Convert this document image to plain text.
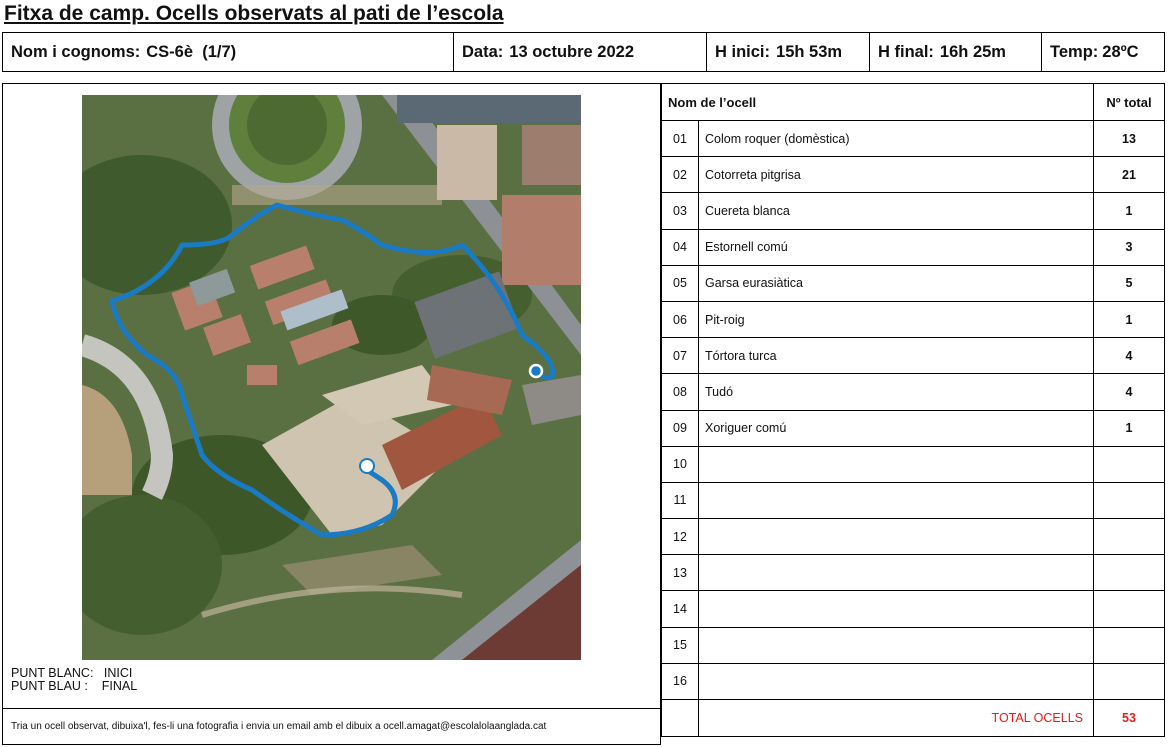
Fitxa de camp. Ocells observats al pati de l’escola
Nom i cognoms: CS-6è  (1/7)	Data: 13 octubre 2022	H inici: 15h 53m H final: 16h 25m	Temp: 28ºC
PUNT BLANC:   INICI
PUNT BLAU :    FINAL
Tria un ocell observat, dibuixa'l, fes-li una fotografia i envia un email amb el dibuix a ocell.amagat@escolalolaanglada.cat
Nom de l’ocell		Nº total
01	Colom roquer (domèstica)	13
02	Cotorreta pitgrisa	21
03	Cuereta blanca	1
04	Estornell comú	3
05	Garsa eurasiàtica	5
06	Pit-roig	1
07	Tórtora turca	4
08	Tudó	4
09	Xoriguer comú	1
10		
11		
12		
13		
14		
15		
16		
	TOTAL OCELLS	53
